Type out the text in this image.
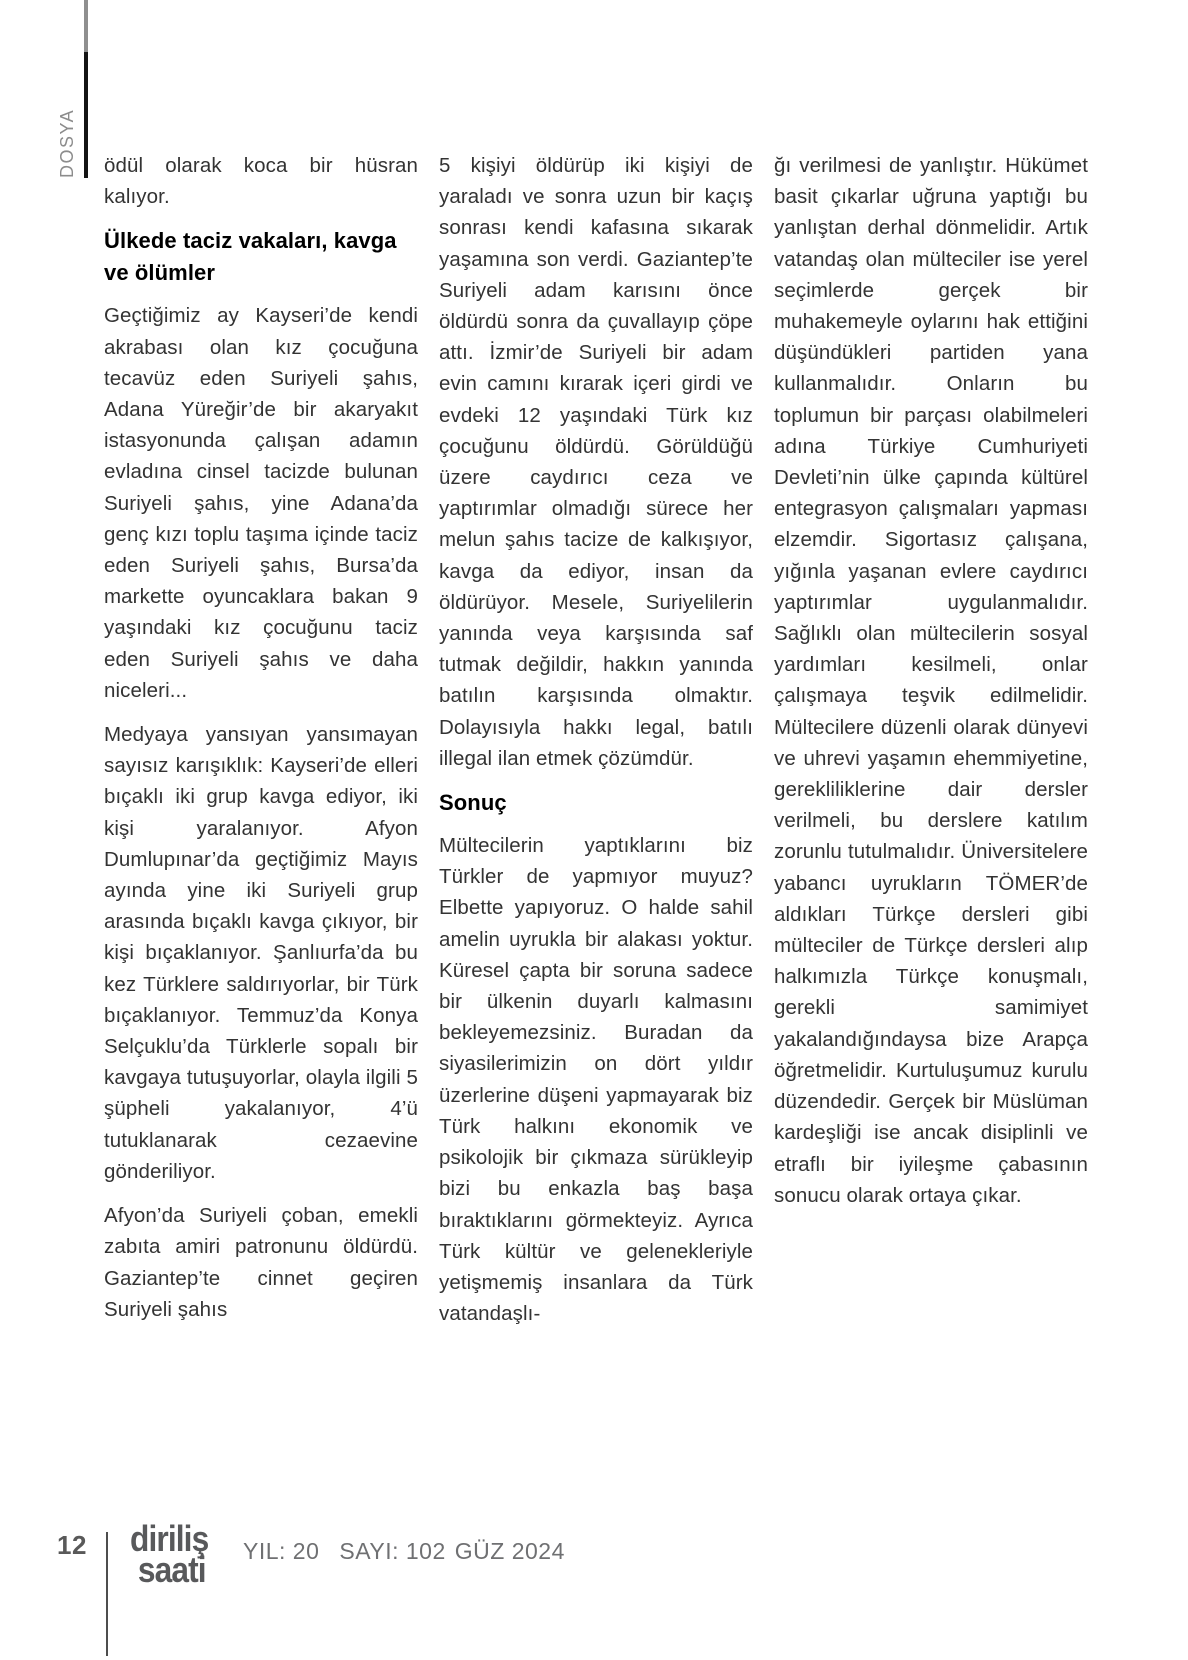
DOSYA ödül olarak koca bir hüsran kalıyor.

Ülkede taciz vakaları, kavga ve ölümler

Geçtiğimiz ay Kayseri’de kendi akrabası olan kız çocuğuna tecavüz eden Suriyeli şahıs, Adana Yüreğir’de bir akaryakıt istasyonunda çalışan adamın evladına cinsel tacizde bulunan Suriyeli şahıs, yine Adana’da genç kızı toplu taşıma içinde taciz eden Suriyeli şahıs, Bursa’da markette oyuncaklara bakan 9 yaşındaki kız çocuğunu taciz eden Suriyeli şahıs ve daha niceleri...

Medyaya yansıyan yansımayan sayısız karışıklık: Kayseri’de elleri bıçaklı iki grup kavga ediyor, iki kişi yaralanıyor. Afyon Dumlupınar’da geçtiğimiz Mayıs ayında yine iki Suriyeli grup arasında bıçaklı kavga çıkıyor, bir kişi bıçaklanıyor. Şanlıurfa’da bu kez Türklere saldırıyorlar, bir Türk bıçaklanıyor. Temmuz’da Konya Selçuklu’da Türklerle sopalı bir kavgaya tutuşuyorlar, olayla ilgili 5 şüpheli yakalanıyor, 4’ü tutuklanarak cezaevine gönderiliyor.

Afyon’da Suriyeli çoban, emekli zabıta amiri patronunu öldürdü. Gaziantep’te cinnet geçiren Suriyeli şahıs

5 kişiyi öldürüp iki kişiyi de yaraladı ve sonra uzun bir kaçış sonrası kendi kafasına sıkarak yaşamına son verdi. Gaziantep’te Suriyeli adam karısını önce öldürdü sonra da çuvallayıp çöpe attı. İzmir’de Suriyeli bir adam evin camını kırarak içeri girdi ve evdeki 12 yaşındaki Türk kız çocuğunu öldürdü. Görüldüğü üzere caydırıcı ceza ve yaptırımlar olmadığı sürece her melun şahıs tacize de kalkışıyor, kavga da ediyor, insan da öldürüyor. Mesele, Suriyelilerin yanında veya karşısında saf tutmak değildir, hakkın yanında batılın karşısında olmaktır. Dolayısıyla hakkı legal, batılı illegal ilan etmek çözümdür.

Sonuç

Mültecilerin yaptıklarını biz Türkler de yapmıyor muyuz? Elbette yapıyoruz. O halde sahil amelin uyrukla bir alakası yoktur. Küresel çapta bir soruna sadece bir ülkenin duyarlı kalmasını bekleyemezsiniz. Buradan da siyasilerimizin on dört yıldır üzerlerine düşeni yapmayarak biz Türk halkını ekonomik ve psikolojik bir çıkmaza sürükleyip bizi bu enkazla baş başa bıraktıklarını görmekteyiz. Ayrıca Türk kültür ve gelenekleriyle yetişmemiş insanlara da Türk vatandaşlı-

ğı verilmesi de yanlıştır. Hükümet basit çıkarlar uğruna yaptığı bu yanlıştan derhal dönmelidir. Artık vatandaş olan mülteciler ise yerel seçimlerde gerçek bir muhakemeyle oylarını hak ettiğini düşündükleri partiden yana kullanmalıdır. Onların bu toplumun bir parçası olabilmeleri adına Türkiye Cumhuriyeti Devleti’nin ülke çapında kültürel entegrasyon çalışmaları yapması elzemdir. Sigortasız çalışana, yığınla yaşanan evlere caydırıcı yaptırımlar uygulanmalıdır. Sağlıklı olan mültecilerin sosyal yardımları kesilmeli, onlar çalışmaya teşvik edilmelidir. Mültecilere düzenli olarak dünyevi ve uhrevi yaşamın ehemmiyetine, gerekliliklerine dair dersler verilmeli, bu derslere katılım zorunlu tutulmalıdır. Üniversitelere yabancı uyrukların TÖMER’de aldıkları Türkçe dersleri gibi mülteciler de Türkçe dersleri alıp halkımızla Türkçe konuşmalı, gerekli samimiyet yakalandığındaysa bize Arapça öğretmelidir. Kurtuluşumuz kurulu düzendedir. Gerçek bir Müslüman kardeşliği ise ancak disiplinli ve etraflı bir iyileşme çabasının sonucu olarak ortaya çıkar.

12 diriliş
saati YIL: 20 SAYI: 102 GÜZ 2024
